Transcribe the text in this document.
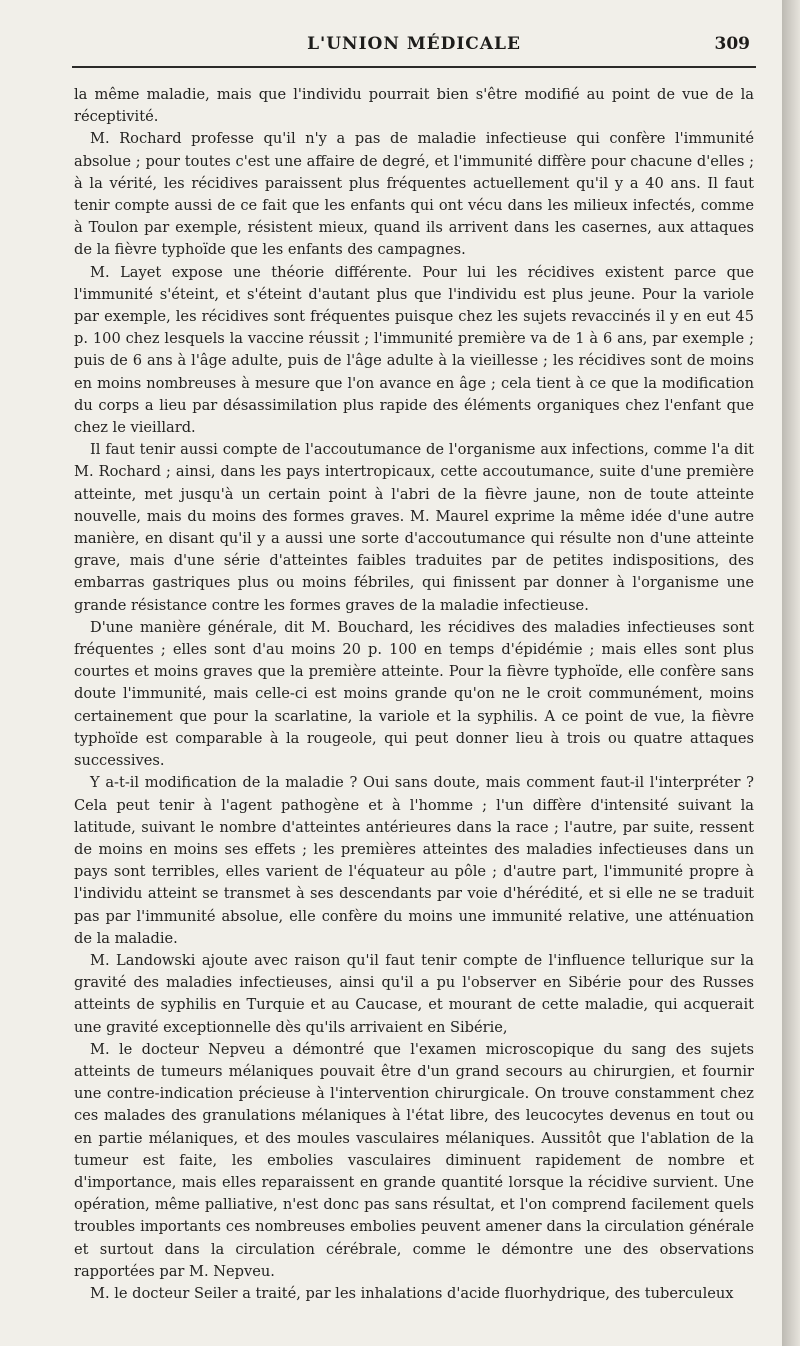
L'UNION MÉDICALE	309

la même maladie, mais que l'individu pourrait bien s'être modifié au point de vue de la réceptivité.

M. Rochard professe qu'il n'y a pas de maladie infectieuse qui confère l'immunité absolue ; pour toutes c'est une affaire de degré, et l'immunité diffère pour chacune d'elles ; à la vérité, les récidives paraissent plus fréquentes actuellement qu'il y a 40 ans. Il faut tenir compte aussi de ce fait que les enfants qui ont vécu dans les milieux infectés, comme à Toulon par exemple, résistent mieux, quand ils arrivent dans les casernes, aux attaques de la fièvre typhoïde que les enfants des campagnes.

M. Layet expose une théorie différente. Pour lui les récidives existent parce que l'immunité s'éteint, et s'éteint d'autant plus que l'individu est plus jeune. Pour la variole par exemple, les récidives sont fréquentes puisque chez les sujets revaccinés il y en eut 45 p. 100 chez lesquels la vaccine réussit ; l'immunité première va de 1 à 6 ans, par exemple ; puis de 6 ans à l'âge adulte, puis de l'âge adulte à la vieillesse ; les récidives sont de moins en moins nombreuses à mesure que l'on avance en âge ; cela tient à ce que la modification du corps a lieu par désassimilation plus rapide des éléments organiques chez l'enfant que chez le vieillard.

Il faut tenir aussi compte de l'accoutumance de l'organisme aux infections, comme l'a dit M. Rochard ; ainsi, dans les pays intertropicaux, cette accoutumance, suite d'une première atteinte, met jusqu'à un certain point à l'abri de la fièvre jaune, non de toute atteinte nouvelle, mais du moins des formes graves. M. Maurel exprime la même idée d'une autre manière, en disant qu'il y a aussi une sorte d'accoutumance qui résulte non d'une atteinte grave, mais d'une série d'atteintes faibles traduites par de petites indispositions, des embarras gastriques plus ou moins fébriles, qui finissent par donner à l'organisme une grande résistance contre les formes graves de la maladie infectieuse.

D'une manière générale, dit M. Bouchard, les récidives des maladies infectieuses sont fréquentes ; elles sont d'au moins 20 p. 100 en temps d'épidémie ; mais elles sont plus courtes et moins graves que la première atteinte. Pour la fièvre typhoïde, elle confère sans doute l'immunité, mais celle-ci est moins grande qu'on ne le croit communément, moins certainement que pour la scarlatine, la variole et la syphilis. A ce point de vue, la fièvre typhoïde est comparable à la rougeole, qui peut donner lieu à trois ou quatre attaques successives.

Y a-t-il modification de la maladie ? Oui sans doute, mais comment faut-il l'interpréter ? Cela peut tenir à l'agent pathogène et à l'homme ; l'un diffère d'intensité suivant la latitude, suivant le nombre d'atteintes antérieures dans la race ; l'autre, par suite, ressent de moins en moins ses effets ; les premières atteintes des maladies infectieuses dans un pays sont terribles, elles varient de l'équateur au pôle ; d'autre part, l'immunité propre à l'individu atteint se transmet à ses descendants par voie d'hérédité, et si elle ne se traduit pas par l'immunité absolue, elle confère du moins une immunité relative, une atténuation de la maladie.

M. Landowski ajoute avec raison qu'il faut tenir compte de l'influence tellurique sur la gravité des maladies infectieuses, ainsi qu'il a pu l'observer en Sibérie pour des Russes atteints de syphilis en Turquie et au Caucase, et mourant de cette maladie, qui acquerait une gravité exceptionnelle dès qu'ils arrivaient en Sibérie,

M. le docteur Nepveu a démontré que l'examen microscopique du sang des sujets atteints de tumeurs mélaniques pouvait être d'un grand secours au chirurgien, et fournir une contre-indication précieuse à l'intervention chirurgicale. On trouve constamment chez ces malades des granulations mélaniques à l'état libre, des leucocytes devenus en tout ou en partie mélaniques, et des moules vasculaires mélaniques. Aussitôt que l'ablation de la tumeur est faite, les embolies vasculaires diminuent rapidement de nombre et d'importance, mais elles reparaissent en grande quantité lorsque la récidive survient. Une opération, même palliative, n'est donc pas sans résultat, et l'on comprend facilement quels troubles importants ces nombreuses embolies peuvent amener dans la circulation générale et surtout dans la circulation cérébrale, comme le démontre une des observations rapportées par M. Nepveu.

M. le docteur Seiler a traité, par les inhalations d'acide fluorhydrique, des tuberculeux
